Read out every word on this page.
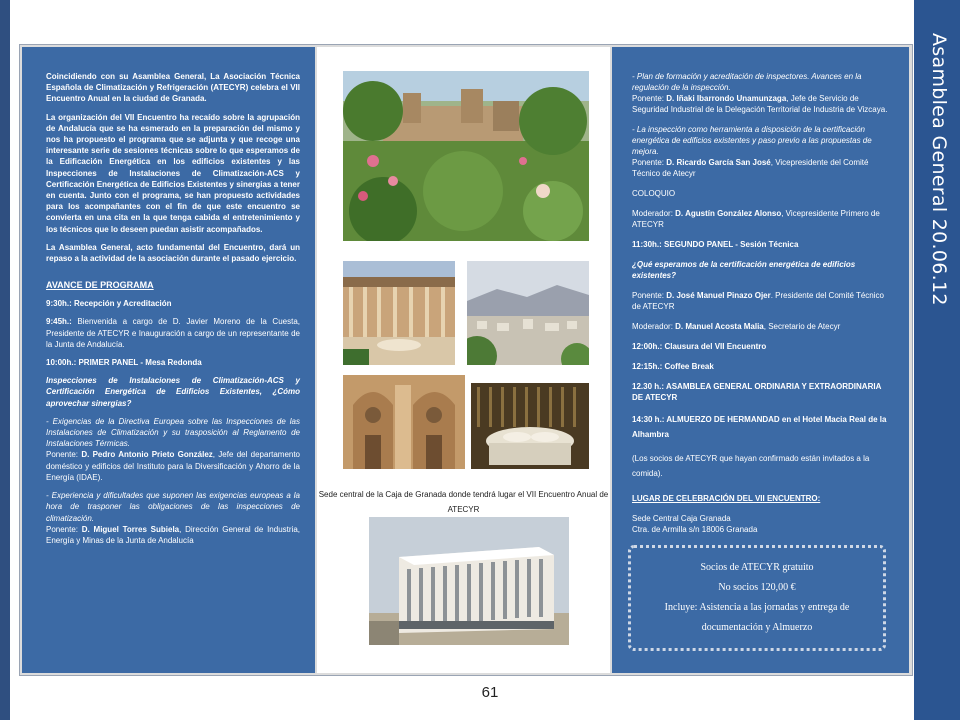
Asamblea General 20.06.12

Coincidiendo con su Asamblea General, La Asociación Técnica Española de Climatización y Refrigeración (ATECYR) celebra el VII Encuentro Anual en la ciudad de Granada.

La organización del VII Encuentro ha recaído sobre la agrupación de Andalucía que se ha esmerado en la preparación del mismo y nos ha propuesto el programa que se adjunta y que recoge una interesante serie de sesiones técnicas sobre lo que esperamos de la Edificación Energética en los edificios existentes y las Inspecciones de Instalaciones de Climatización-ACS y Certificación Energética de Edificios Existentes y sinergias a tener en cuenta. Junto con el programa, se han propuesto actividades para los acompañantes con el fin de que este encuentro se convierta en una cita en la que tenga cabida el entretenimiento y los técnicos que lo deseen puedan asistir acompañados.

La Asamblea General, acto fundamental del Encuentro, dará un repaso a la actividad de la asociación durante el pasado ejercicio.

AVANCE DE PROGRAMA

9:30h.: Recepción y Acreditación

9:45h.: Bienvenida a cargo de D. Javier Moreno de la Cuesta, Presidente de ATECYR e Inauguración a cargo de un representante de la Junta de Andalucía.

10:00h.: PRIMER PANEL - Mesa Redonda

Inspecciones de Instalaciones de Climatización-ACS y Certificación Energética de Edificios Existentes, ¿Cómo aprovechar sinergias?

- Exigencias de la Directiva Europea sobre las Inspecciones de las Instalaciones de Climatización y su trasposición al Reglamento de Instalaciones Térmicas.
Ponente: D. Pedro Antonio Prieto González, Jefe del departamento doméstico y edificios del Instituto para la Diversificación y Ahorro de la Energía (IDAE).

- Experiencia y dificultades que suponen las exigencias europeas a la hora de trasponer las obligaciones de las inspecciones de climatización.
Ponente: D. Miguel Torres Subiela, Dirección General de Industria, Energía y Minas de la Junta de Andalucía

Sede central de la Caja de Granada donde tendrá lugar el VII Encuentro Anual de ATECYR

- Plan de formación y acreditación de inspectores. Avances en la regulación de la inspección.
Ponente: D. Iñaki Ibarrondo Unamunzaga, Jefe de Servicio de Seguridad Industrial de la Delegación Territorial de Industria de Vizcaya.

- La inspección como herramienta a disposición de la certificación energética de edificios existentes y paso previo a las propuestas de mejora.
Ponente: D. Ricardo García San José, Vicepresidente del Comité Técnico de Atecyr

COLOQUIO

Moderador: D. Agustín González Alonso, Vicepresidente Primero de ATECYR

11:30h.: SEGUNDO PANEL - Sesión Técnica

¿Qué esperamos de la certificación energética de edificios existentes?

Ponente: D. José Manuel Pinazo Ojer. Presidente del Comité Técnico de ATECYR

Moderador: D. Manuel Acosta Malia, Secretario de Atecyr

12:00h.: Clausura del VII Encuentro

12:15h.: Coffee Break

12.30 h.: ASAMBLEA GENERAL ORDINARIA Y EXTRAORDINARIA DE ATECYR

14:30 h.: ALMUERZO DE HERMANDAD en el Hotel Macia Real de la Alhambra

(Los socios de ATECYR que hayan confirmado están invitados a la comida).

LUGAR DE CELEBRACIÓN DEL VII ENCUENTRO:

Sede Central Caja Granada

Ctra. de Armilla s/n 18006 Granada

Socios de ATECYR gratuito
No socios 120,00 €
Incluye: Asistencia a las jornadas y entrega de documentación y Almuerzo
61
